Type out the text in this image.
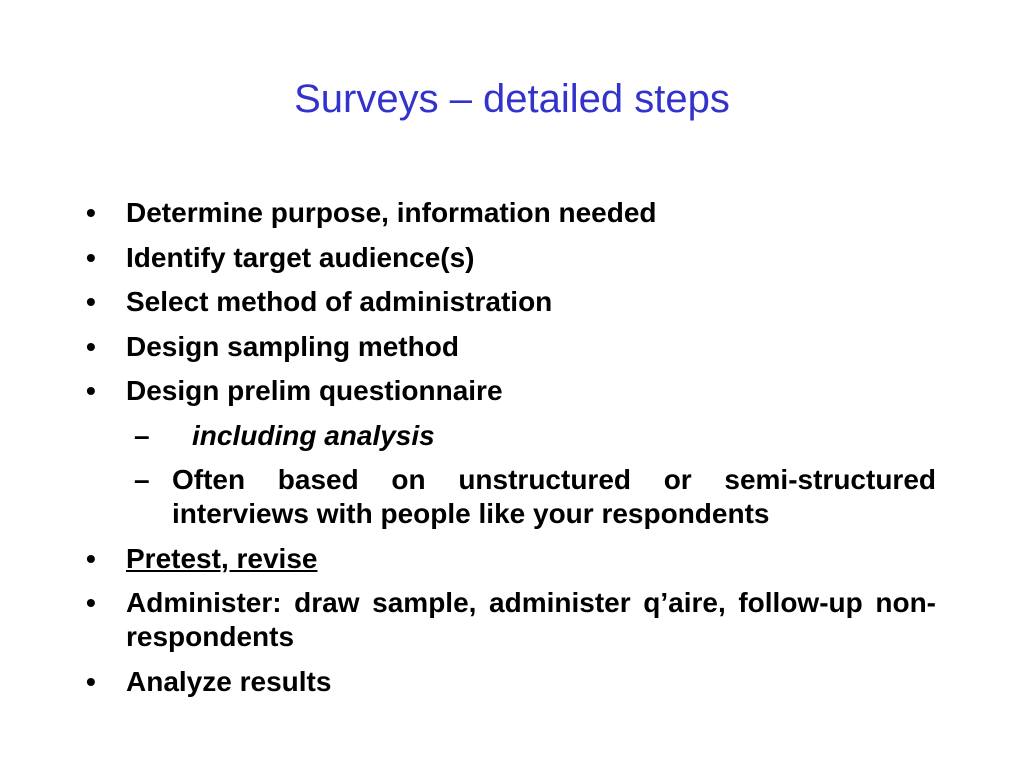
Surveys – detailed steps
• Determine purpose, information needed
• Identify target audience(s)
• Select method of administration
• Design sampling method
• Design prelim questionnaire
– including analysis
– Often based on unstructured or semi-structured interviews with people like your respondents
• Pretest, revise
• Administer: draw sample, administer q’aire, follow-up non-respondents
• Analyze results
